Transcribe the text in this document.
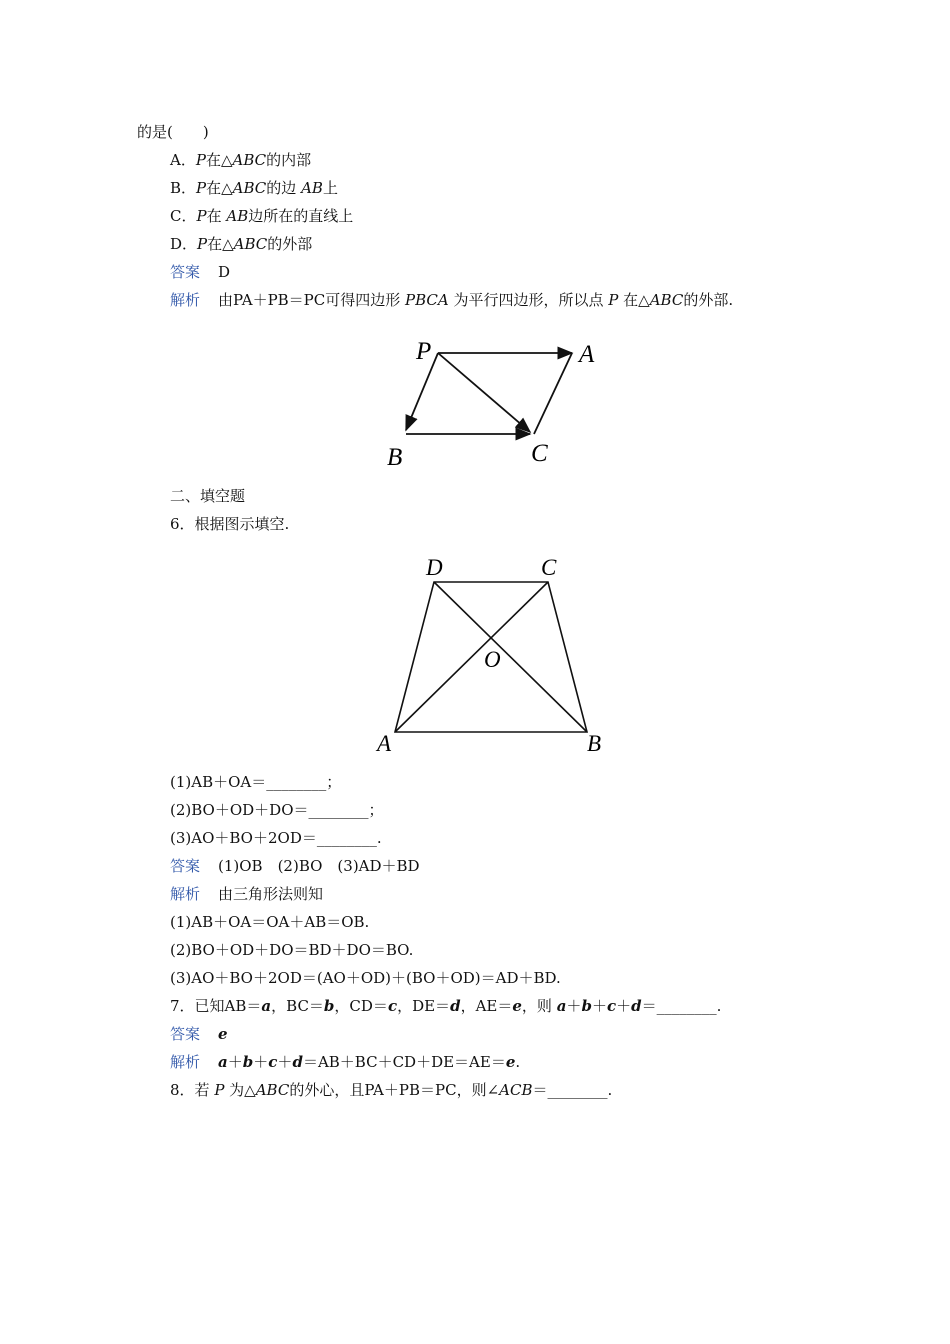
的是(　　)
A．P在△ABC的内部
B．P在△ABC的边 AB上
C．P在 AB边所在的直线上
D．P在△ABC的外部
答案 D
解析 由PA＋PB＝PC可得四边形 PBCA 为平行四边形，所以点 P 在△ABC的外部.
P	A
B	C
二、填空题
6．根据图示填空.
D	C
O
A	B
(1)AB＋OA＝________；
(2)BO＋OD＋DO＝________；
(3)AO＋BO＋2OD＝________.
答案 (1)OB　(2)BO　(3)AD＋BD
解析 由三角形法则知
(1)AB＋OA＝OA＋AB＝OB.
(2)BO＋OD＋DO＝BD＋DO＝BO.
(3)AO＋BO＋2OD＝(AO＋OD)＋(BO＋OD)＝AD＋BD.
7．已知AB＝a，BC＝b，CD＝c，DE＝d，AE＝e，则 a＋b＋c＋d＝________.
答案 e
解析 a＋b＋c＋d＝AB＋BC＋CD＋DE＝AE＝e.
8．若 P 为△ABC的外心，且PA＋PB＝PC，则∠ACB＝________.
